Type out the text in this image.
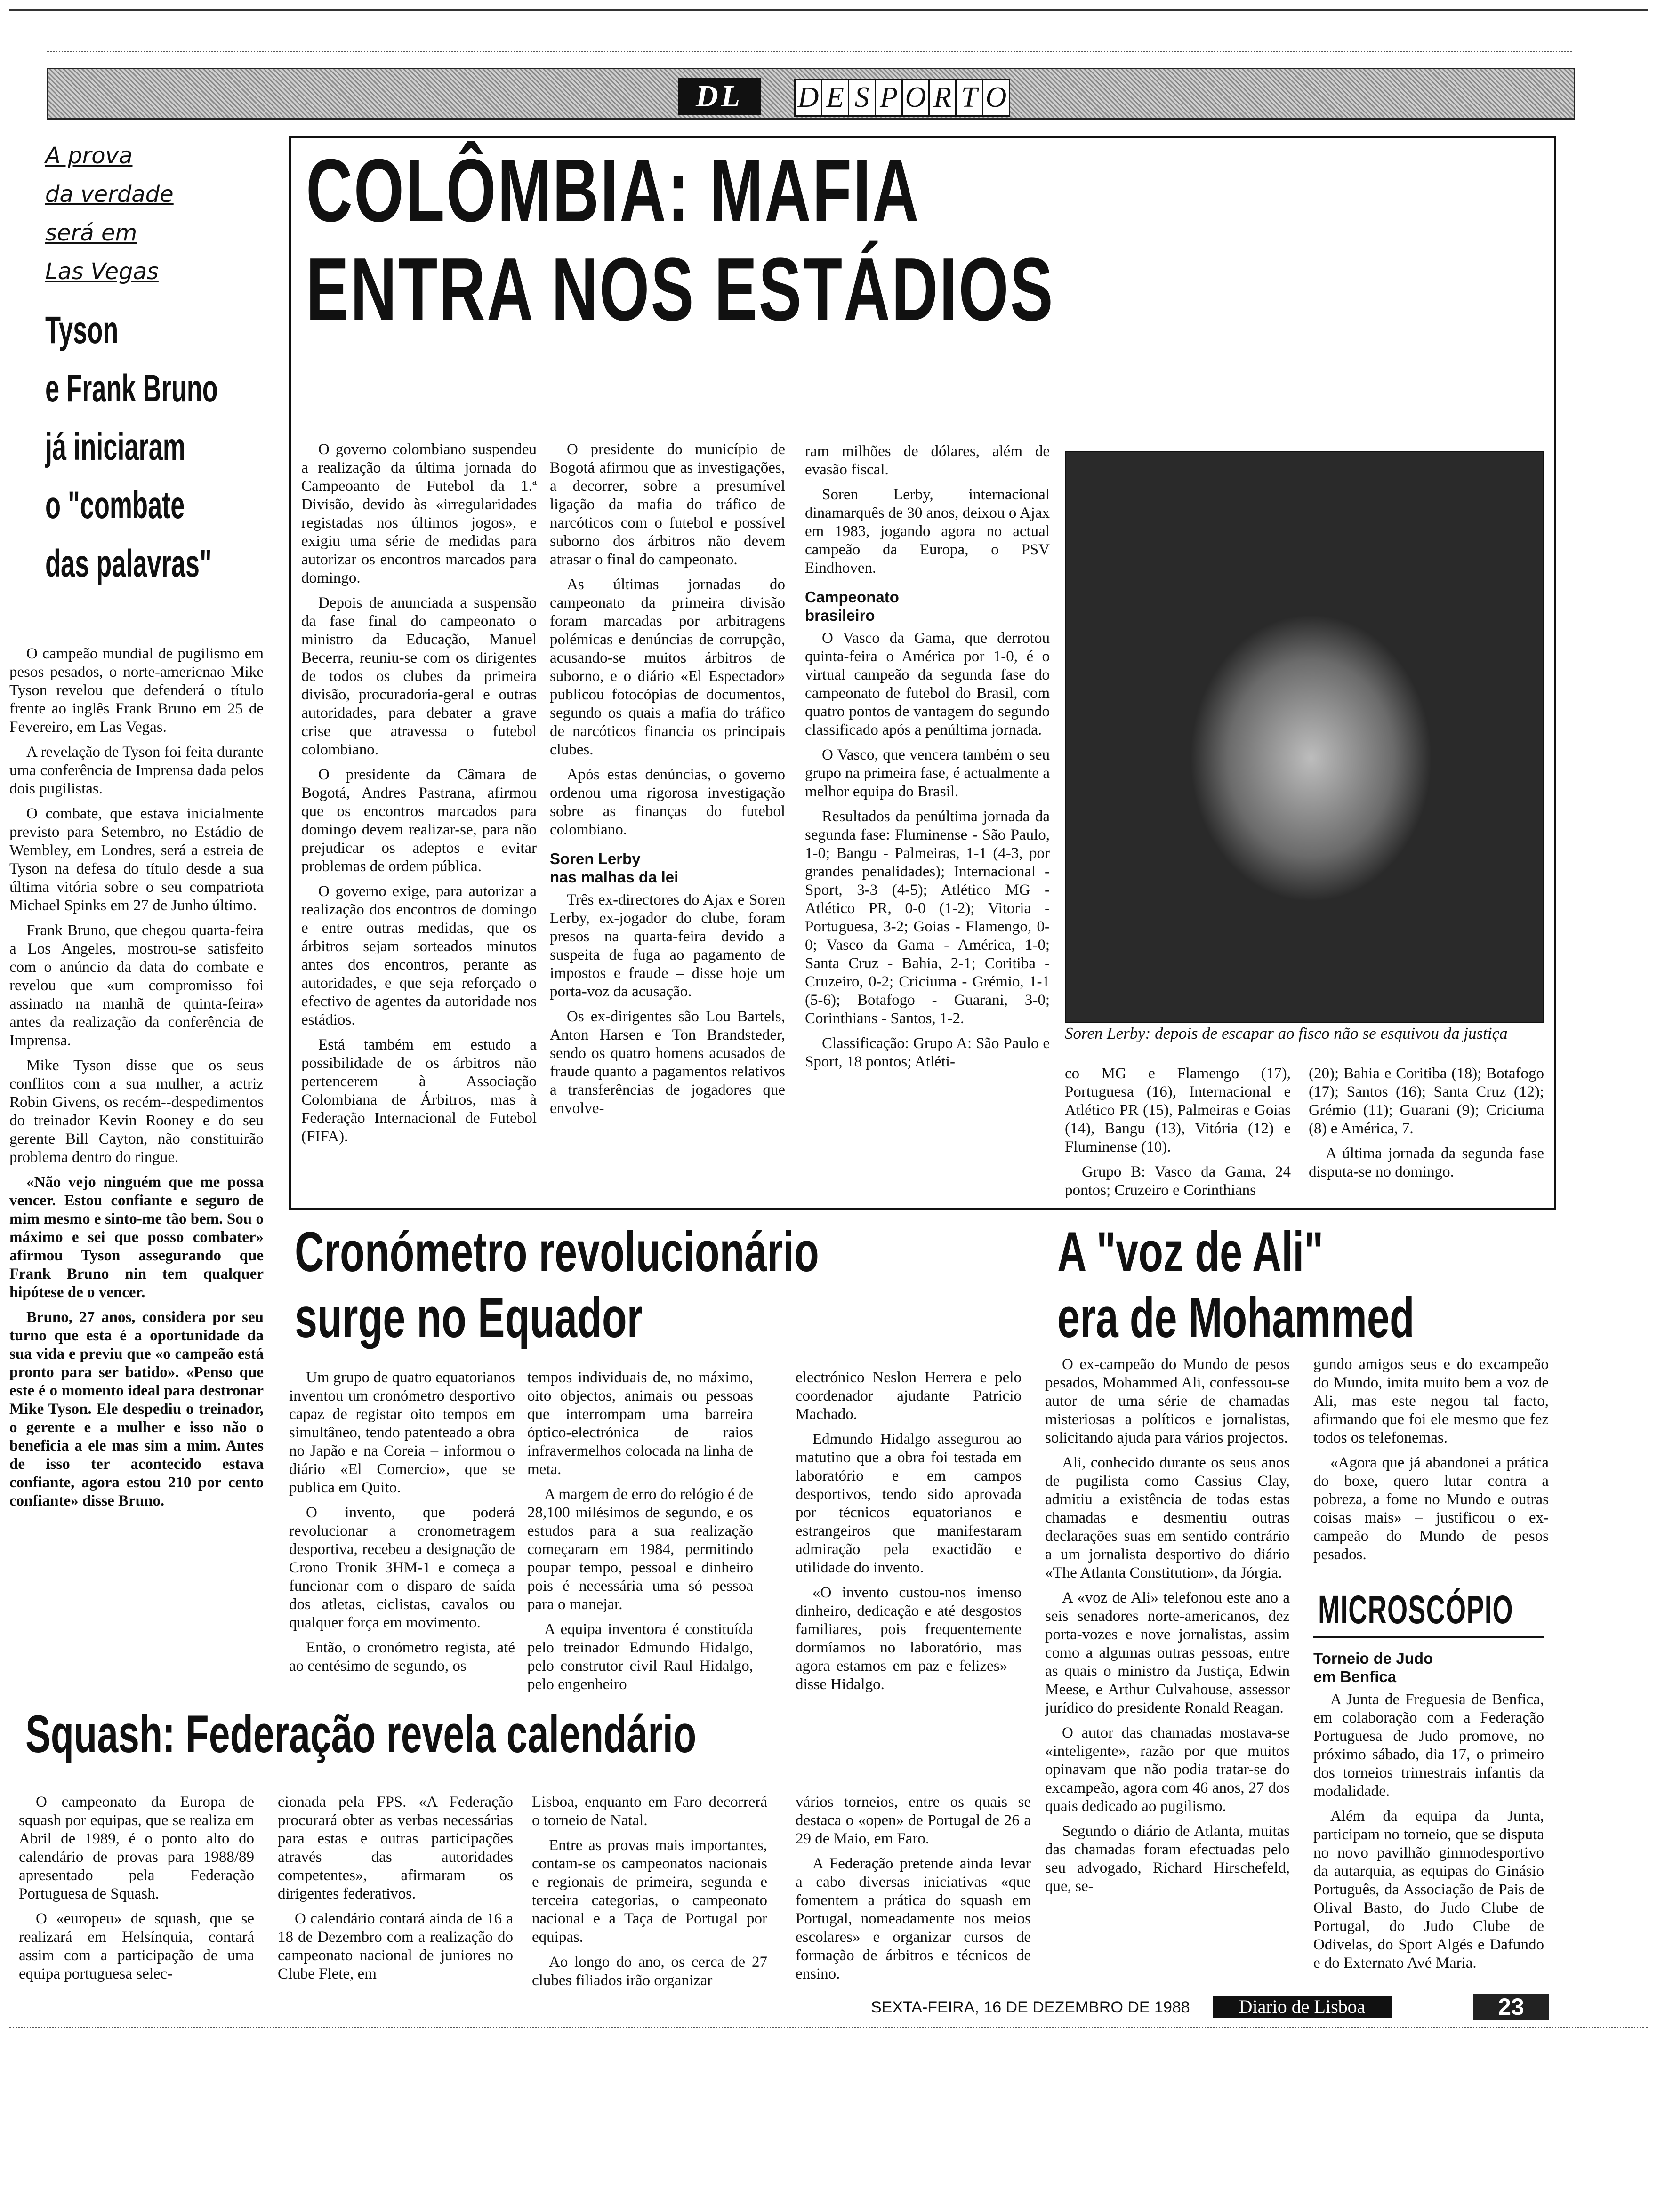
DL	D E S P O R T O
A prova
da verdade
será em
Las Vegas
Tyson
e Frank Bruno
já iniciaram
o "combate
das palavras"

O campeão mundial de pugilismo em pesos pesados, o norte-americnao Mike Tyson revelou que defenderá o título frente ao inglês Frank Bruno em 25 de Fevereiro, em Las Vegas.

A revelação de Tyson foi feita durante uma conferência de Imprensa dada pelos dois pugilistas.

O combate, que estava inicialmente previsto para Setembro, no Estádio de Wembley, em Londres, será a estreia de Tyson na defesa do título desde a sua última vitória sobre o seu compatriota Michael Spinks em 27 de Junho último.

Frank Bruno, que chegou quarta-feira a Los Angeles, mostrou-se satisfeito com o anúncio da data do combate e revelou que «um compromisso foi assinado na manhã de quinta-feira» antes da realização da conferência de Imprensa.

Mike Tyson disse que os seus conflitos com a sua mulher, a actriz Robin Givens, os recém--despedimentos do treinador Kevin Rooney e do seu gerente Bill Cayton, não constituirão problema dentro do ringue.

«Não vejo ninguém que me possa vencer. Estou confiante e seguro de mim mesmo e sinto-me tão bem. Sou o máximo e sei que posso combater» afirmou Tyson assegurando que Frank Bruno nin tem qualquer hipótese de o vencer.

Bruno, 27 anos, considera por seu turno que esta é a oportunidade da sua vida e previu que «o campeão está pronto para ser batido». «Penso que este é o momento ideal para destronar Mike Tyson. Ele despediu o treinador, o gerente e a mulher e isso não o beneficia a ele mas sim a mim. Antes de isso ter acontecido estava confiante, agora estou 210 por cento confiante» disse Bruno.

COLÔMBIA: MAFIA
ENTRA NOS ESTÁDIOS

O governo colombiano suspendeu a realização da última jornada do Campeoanto de Futebol da 1.ª Divisão, devido às «irregularidades registadas nos últimos jogos», e exigiu uma série de medidas para autorizar os encontros marcados para domingo.

Depois de anunciada a suspensão da fase final do campeonato o ministro da Educação, Manuel Becerra, reuniu-se com os dirigentes de todos os clubes da primeira divisão, procuradoria-geral e outras autoridades, para debater a grave crise que atravessa o futebol colombiano.

O presidente da Câmara de Bogotá, Andres Pastrana, afirmou que os encontros marcados para domingo devem realizar-se, para não prejudicar os adeptos e evitar problemas de ordem pública.

O governo exige, para autorizar a realização dos encontros de domingo e entre outras medidas, que os árbitros sejam sorteados minutos antes dos encontros, perante as autoridades, e que seja reforçado o efectivo de agentes da autoridade nos estádios.

Está também em estudo a possibilidade de os árbitros não pertencerem à Associação Colombiana de Árbitros, mas à Federação Internacional de Futebol (FIFA).

O presidente do município de Bogotá afirmou que as investigações, a decorrer, sobre a presumível ligação da mafia do tráfico de narcóticos com o futebol e possível suborno dos árbitros não devem atrasar o final do campeonato.

As últimas jornadas do campeonato da primeira divisão foram marcadas por arbitragens polémicas e denúncias de corrupção, acusando-se muitos árbitros de suborno, e o diário «El Espectador» publicou fotocópias de documentos, segundo os quais a mafia do tráfico de narcóticos financia os principais clubes.

Após estas denúncias, o governo ordenou uma rigorosa investigação sobre as finanças do futebol colombiano.

Soren Lerby
nas malhas da lei

Três ex-directores do Ajax e Soren Lerby, ex-jogador do clube, foram presos na quarta-feira devido a suspeita de fuga ao pagamento de impostos e fraude – disse hoje um porta-voz da acusação.

Os ex-dirigentes são Lou Bartels, Anton Harsen e Ton Brandsteder, sendo os quatro homens acusados de fraude quanto a pagamentos relativos a transferências de jogadores que envolve-

ram milhões de dólares, além de evasão fiscal.

Soren Lerby, internacional dinamarquês de 30 anos, deixou o Ajax em 1983, jogando agora no actual campeão da Europa, o PSV Eindhoven.

Campeonato
brasileiro

O Vasco da Gama, que derrotou quinta-feira o América por 1-0, é o virtual campeão da segunda fase do campeonato de futebol do Brasil, com quatro pontos de vantagem do segundo classificado após a penúltima jornada.

O Vasco, que vencera também o seu grupo na primeira fase, é actualmente a melhor equipa do Brasil.

Resultados da penúltima jornada da segunda fase: Fluminense - São Paulo, 1-0; Bangu - Palmeiras, 1-1 (4-3, por grandes penalidades); Internacional - Sport, 3-3 (4-5); Atlético MG - Atlético PR, 0-0 (1-2); Vitoria - Portuguesa, 3-2; Goias - Flamengo, 0-0; Vasco da Gama - América, 1-0; Santa Cruz - Bahia, 2-1; Coritiba - Cruzeiro, 0-2; Criciuma - Grémio, 1-1 (5-6); Botafogo - Guarani, 3-0; Corinthians - Santos, 1-2.

Classificação: Grupo A: São Paulo e Sport, 18 pontos; Atléti-

Soren Lerby: depois de escapar ao fisco não se esquivou da justiça

co MG e Flamengo (17), Portuguesa (16), Internacional e Atlético PR (15), Palmeiras e Goias (14), Bangu (13), Vitória (12) e Fluminense (10).

Grupo B: Vasco da Gama, 24 pontos; Cruzeiro e Corinthians

(20); Bahia e Coritiba (18); Botafogo (17); Santos (16); Santa Cruz (12); Grémio (11); Guarani (9); Criciuma (8) e América, 7.

A última jornada da segunda fase disputa-se no domingo.

Cronómetro revolucionário
surge no Equador

Um grupo de quatro equatorianos inventou um cronómetro desportivo capaz de registar oito tempos em simultâneo, tendo patenteado a obra no Japão e na Coreia – informou o diário «El Comercio», que se publica em Quito.

O invento, que poderá revolucionar a cronometragem desportiva, recebeu a designação de Crono Tronik 3HM-1 e começa a funcionar com o disparo de saída dos atletas, ciclistas, cavalos ou qualquer força em movimento.

Então, o cronómetro regista, até ao centésimo de segundo, os

tempos individuais de, no máximo, oito objectos, animais ou pessoas que interrompam uma barreira óptico-electrónica de raios infravermelhos colocada na linha de meta.

A margem de erro do relógio é de 28,100 milésimos de segundo, e os estudos para a sua realização começaram em 1984, permitindo poupar tempo, pessoal e dinheiro pois é necessária uma só pessoa para o manejar.

A equipa inventora é constituída pelo treinador Edmundo Hidalgo, pelo construtor civil Raul Hidalgo, pelo engenheiro

electrónico Neslon Herrera e pelo coordenador ajudante Patricio Machado.

Edmundo Hidalgo assegurou ao matutino que a obra foi testada em laboratório e em campos desportivos, tendo sido aprovada por técnicos equatorianos e estrangeiros que manifestaram admiração pela exactidão e utilidade do invento.

«O invento custou-nos imenso dinheiro, dedicação e até desgostos familiares, pois frequentemente dormíamos no laboratório, mas agora estamos em paz e felizes» – disse Hidalgo.

A "voz de Ali"
era de Mohammed

O ex-campeão do Mundo de pesos pesados, Mohammed Ali, confessou-se autor de uma série de chamadas misteriosas a políticos e jornalistas, solicitando ajuda para vários projectos.

Ali, conhecido durante os seus anos de pugilista como Cassius Clay, admitiu a existência de todas estas chamadas e desmentiu outras declarações suas em sentido contrário a um jornalista desportivo do diário «The Atlanta Constitution», da Jórgia.

A «voz de Ali» telefonou este ano a seis senadores norte-americanos, dez porta-vozes e nove jornalistas, assim como a algumas outras pessoas, entre as quais o ministro da Justiça, Edwin Meese, e Arthur Culvahouse, assessor jurídico do presidente Ronald Reagan.

O autor das chamadas mostava-se «inteligente», razão por que muitos opinavam que não podia tratar-se do excampeão, agora com 46 anos, 27 dos quais dedicado ao pugilismo.

Segundo o diário de Atlanta, muitas das chamadas foram efectuadas pelo seu advogado, Richard Hirschefeld, que, se-

gundo amigos seus e do excampeão do Mundo, imita muito bem a voz de Ali, mas este negou tal facto, afirmando que foi ele mesmo que fez todos os telefonemas.

«Agora que já abandonei a prática do boxe, quero lutar contra a pobreza, a fome no Mundo e outras coisas mais» – justificou o ex-campeão do Mundo de pesos pesados.

MICROSCÓPIO

Torneio de Judo
em Benfica

A Junta de Freguesia de Benfica, em colaboração com a Federação Portuguesa de Judo promove, no próximo sábado, dia 17, o primeiro dos torneios trimestrais infantis da modalidade.

Além da equipa da Junta, participam no torneio, que se disputa no novo pavilhão gimnodesportivo da autarquia, as equipas do Ginásio Português, da Associação de Pais de Olival Basto, do Judo Clube de Portugal, do Judo Clube de Odivelas, do Sport Algés e Dafundo e do Externato Avé Maria.

Squash: Federação revela calendário

O campeonato da Europa de squash por equipas, que se realiza em Abril de 1989, é o ponto alto do calendário de provas para 1988/89 apresentado pela Federação Portuguesa de Squash.

O «europeu» de squash, que se realizará em Helsínquia, contará assim com a participação de uma equipa portuguesa selec-

cionada pela FPS. «A Federação procurará obter as verbas necessárias para estas e outras participações através das autoridades competentes», afirmaram os dirigentes federativos.

O calendário contará ainda de 16 a 18 de Dezembro com a realização do campeonato nacional de juniores no Clube Flete, em

Lisboa, enquanto em Faro decorrerá o torneio de Natal.

Entre as provas mais importantes, contam-se os campeonatos nacionais e regionais de primeira, segunda e terceira categorias, o campeonato nacional e a Taça de Portugal por equipas.

Ao longo do ano, os cerca de 27 clubes filiados irão organizar

vários torneios, entre os quais se destaca o «open» de Portugal de 26 a 29 de Maio, em Faro.

A Federação pretende ainda levar a cabo diversas iniciativas «que fomentem a prática do squash em Portugal, nomeadamente nos meios escolares» e organizar cursos de formação de árbitros e técnicos de ensino.

SEXTA-FEIRA, 16 DE DEZEMBRO DE 1988	Diario de Lisboa	23
